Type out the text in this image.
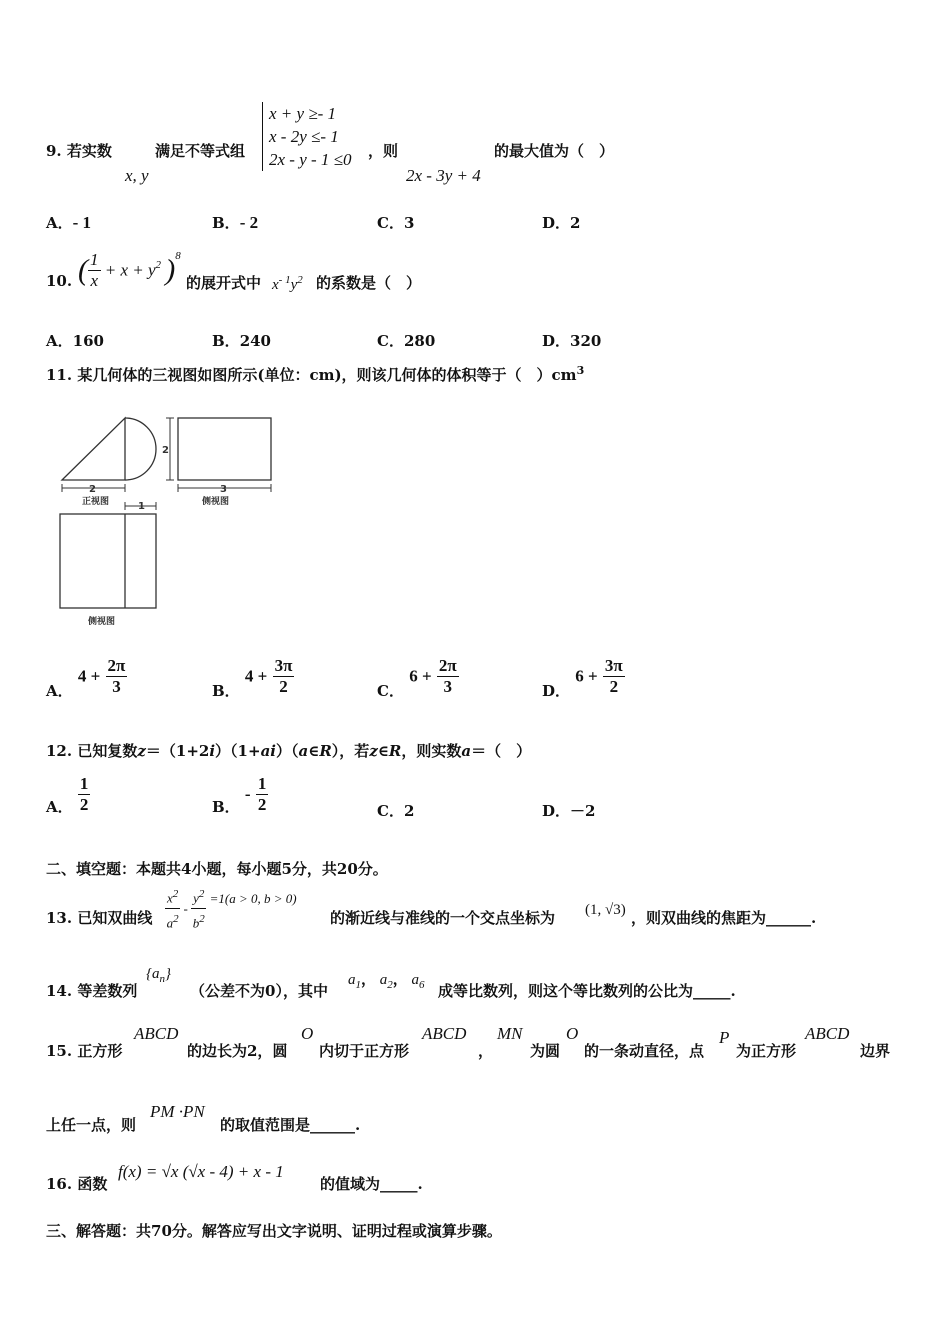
9. 若实数
x, y
满足不等式组
x + y ≥- 1
x - 2y ≤- 1
2x - y - 1 ≤0 ，则
2x - 3y + 4
的最大值为（　）
A．- 1	B．- 2	C．3	D．2
10. ( $\frac{1}{x} + x + y^2$ )$^8$
的展开式中 $x^{- 1}y^2$ 的系数是（　）
A．160	B．240	C．280	D．320
11. 某几何体的三视图如图所示(单位：cm)，则该几何体的体积等于（　）$cm^3$
2
2
3
1
正视图	侧视图
侧视图
A． $4 + \frac{2\pi}{3}$	B． $4 + \frac{3\pi}{2}$	C． $6 + \frac{2\pi}{3}$	D． $6 + \frac{3\pi}{2}$
12. 已知复数z＝（1+2i）（1+ai）（a∈R），若z∈R，则实数a＝（　）
A． $\frac{1}{2}$	B． - $\frac{1}{2}$	C．2	D．－2
二、填空题：本题共4小题，每小题5分，共20分。
13. 已知双曲线 $\frac{x^2}{a^2} - \frac{y^2}{b^2} =1(a > 0$, b > 0)
的渐近线与准线的一个交点坐标为 (1, √3) ，则双曲线的焦距为______.
14. 等差数列
$\{a_n\}$
（公差不为0），其中
$a_1$， $a_2$， $a_6$ 成等比数列，则这个等比数列的公比为_____.
15. 正方形
ABCD
的边长为2，圆
O
内切于正方形
ABCD
，
MN
为圆
O
的一条动直径，点
P
为正方形
ABCD
边界
上任一点，则
PM ·PN
的取值范围是______.
16. 函数
f(x) = √x (√x - 4) + x - 1
的值域为_____.
三、解答题：共70分。解答应写出文字说明、证明过程或演算步骤。
